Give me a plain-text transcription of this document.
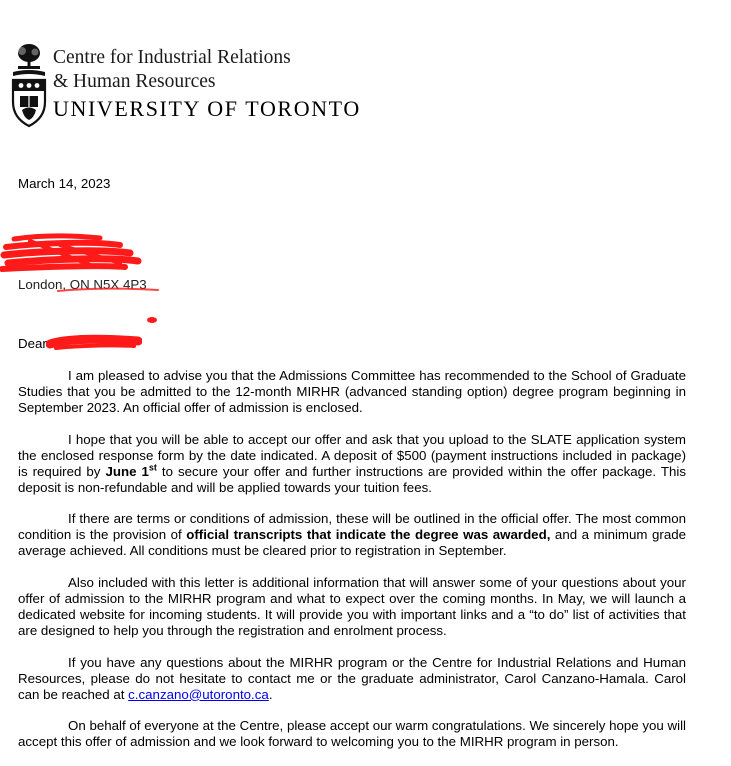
Centre for Industrial Relations
& Human Resources
UNIVERSITY OF TORONTO
March 14, 2023
London, ON N5X 4P3
Dear

I am pleased to advise you that the Admissions Committee has recommended to the School of Graduate Studies that you be admitted to the 12-month MIRHR (advanced standing option) degree program beginning in September 2023. An official offer of admission is enclosed.

I hope that you will be able to accept our offer and ask that you upload to the SLATE application system the enclosed response form by the date indicated. A deposit of $500 (payment instructions included in package) is required by June 1st to secure your offer and further instructions are provided within the offer package. This deposit is non-refundable and will be applied towards your tuition fees.

If there are terms or conditions of admission, these will be outlined in the official offer. The most common condition is the provision of official transcripts that indicate the degree was awarded, and a minimum grade average achieved. All conditions must be cleared prior to registration in September.

Also included with this letter is additional information that will answer some of your questions about your offer of admission to the MIRHR program and what to expect over the coming months. In May, we will launch a dedicated website for incoming students. It will provide you with important links and a “to do” list of activities that are designed to help you through the registration and enrolment process.

If you have any questions about the MIRHR program or the Centre for Industrial Relations and Human Resources, please do not hesitate to contact me or the graduate administrator, Carol Canzano-Hamala. Carol can be reached at c.canzano@utoronto.ca.

On behalf of everyone at the Centre, please accept our warm congratulations. We sincerely hope you will accept this offer of admission and we look forward to welcoming you to the MIRHR program in person.
